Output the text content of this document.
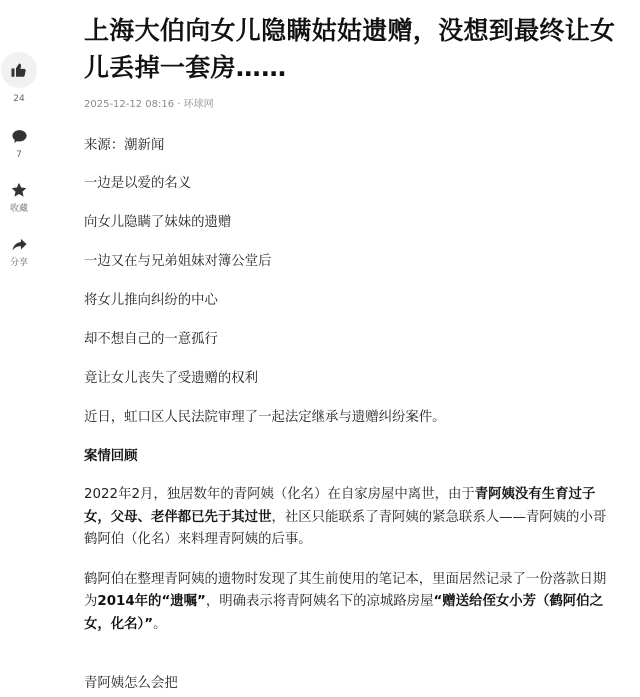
24
7
收藏
分享
上海大伯向女儿隐瞒姑姑遗赠，没想到最终让女儿丢掉一套房……
2025-12-12 08:16 · 环球网

来源：潮新闻

一边是以爱的名义

向女儿隐瞒了妹妹的遗赠

一边又在与兄弟姐妹对簿公堂后

将女儿推向纠纷的中心

却不想自己的一意孤行

竟让女儿丧失了受遗赠的权利

近日，虹口区人民法院审理了一起法定继承与遗赠纠纷案件。

案情回顾

2022年2月，独居数年的青阿姨（化名）在自家房屋中离世，由于青阿姨没有生育过子女，父母、老伴都已先于其过世，社区只能联系了青阿姨的紧急联系人——青阿姨的小哥鹤阿伯（化名）来料理青阿姨的后事。

鹤阿伯在整理青阿姨的遗物时发现了其生前使用的笔记本，里面居然记录了一份落款日期为2014年的“遗嘱”，明确表示将青阿姨名下的凉城路房屋“赠送给侄女小芳（鹤阿伯之女，化名）”。

青阿姨怎么会把
